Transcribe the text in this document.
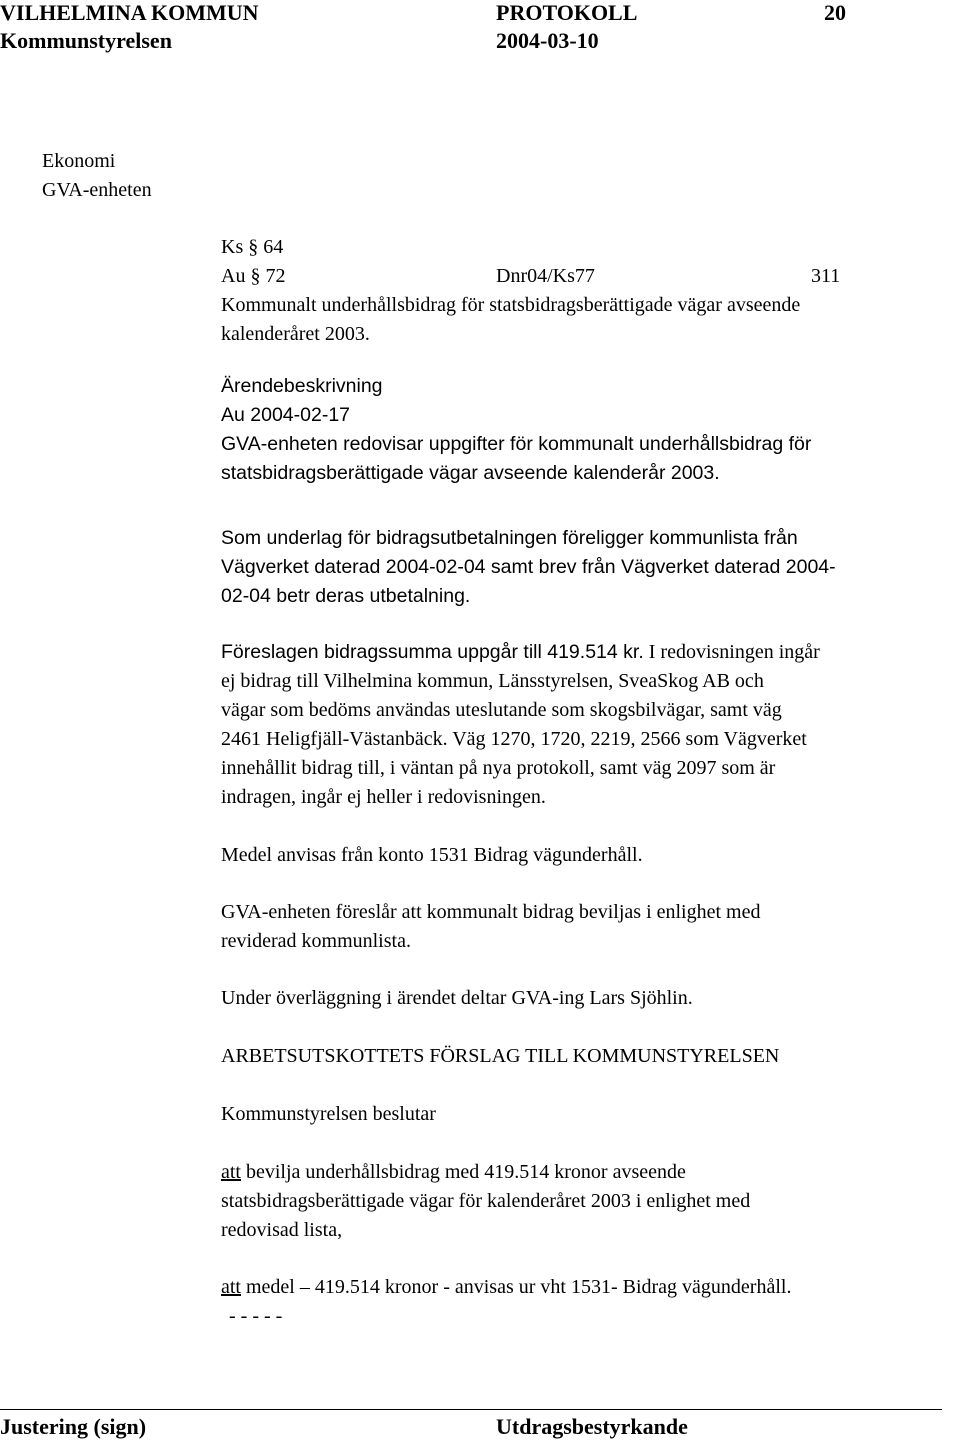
VILHELMINA KOMMUN	PROTOKOLL	20
Kommunstyrelsen	2004-03-10
Ekonomi
GVA-enheten
Ks § 64
Au § 72	Dnr04/Ks77	311
Kommunalt underhållsbidrag för statsbidragsberättigade vägar avseende
kalenderåret 2003.
Ärendebeskrivning
Au 2004-02-17
GVA-enheten redovisar uppgifter för kommunalt underhållsbidrag för
statsbidragsberättigade vägar avseende kalenderår 2003.
Som underlag för bidragsutbetalningen föreligger kommunlista från
Vägverket daterad 2004-02-04 samt brev från Vägverket daterad 2004-
02-04 betr deras utbetalning.
Föreslagen bidragssumma uppgår till 419.514 kr. I redovisningen ingår
ej bidrag till Vilhelmina kommun, Länsstyrelsen, SveaSkog AB och
vägar som bedöms användas uteslutande som skogsbilvägar, samt väg
2461 Heligfjäll-Västanbäck. Väg 1270, 1720, 2219, 2566 som Vägverket
innehållit bidrag till, i väntan på nya protokoll, samt väg 2097 som är
indragen, ingår ej heller i redovisningen.
Medel anvisas från konto 1531 Bidrag vägunderhåll.
GVA-enheten föreslår att kommunalt bidrag beviljas i enlighet med
reviderad kommunlista.
Under överläggning i ärendet deltar GVA-ing Lars Sjöhlin.
ARBETSUTSKOTTETS FÖRSLAG TILL KOMMUNSTYRELSEN
Kommunstyrelsen beslutar
att bevilja underhållsbidrag med 419.514 kronor avseende
statsbidragsberättigade vägar för kalenderåret 2003 i enlighet med
redovisad lista,
att medel – 419.514 kronor - anvisas ur vht 1531- Bidrag vägunderhåll.
- - - - -
Justering (sign)	Utdragsbestyrkande
